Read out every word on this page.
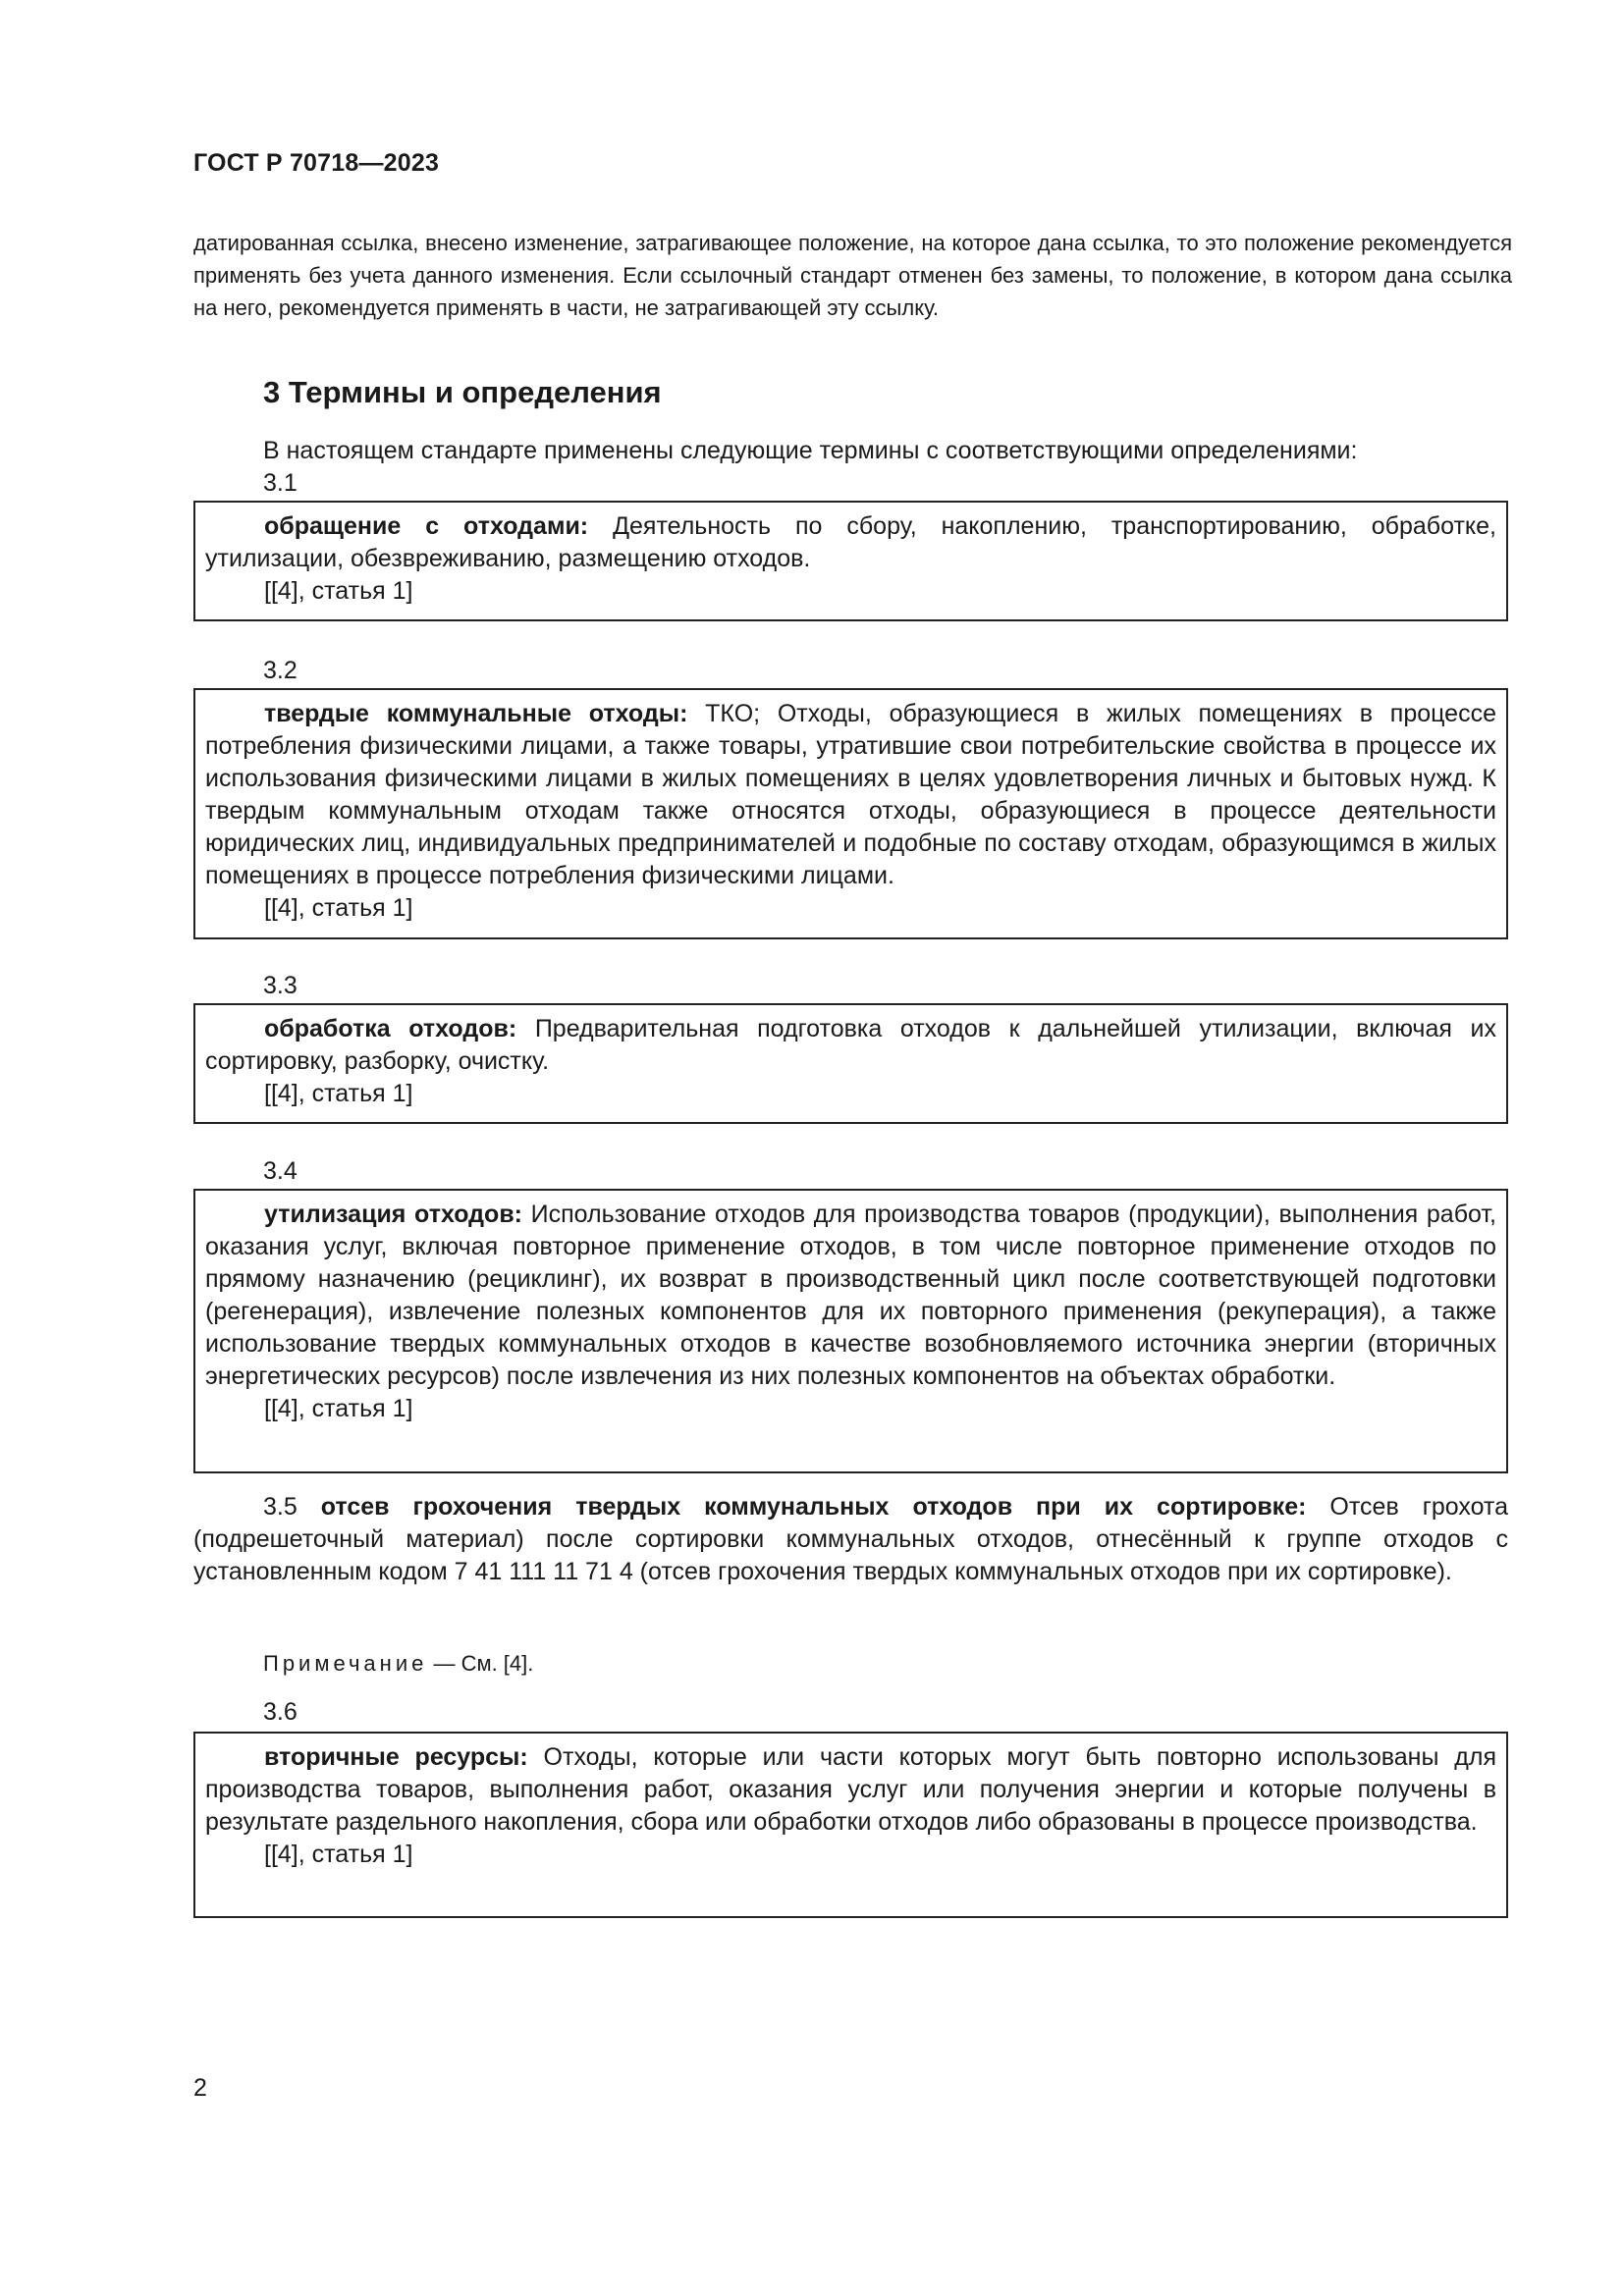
ГОСТ Р 70718—2023

датированная ссылка, внесено изменение, затрагивающее положение, на которое дана ссылка, то это положение рекомендуется применять без учета данного изменения. Если ссылочный стандарт отменен без замены, то положение, в котором дана ссылка на него, рекомендуется применять в части, не затрагивающей эту ссылку.

3 Термины и определения

В настоящем стандарте применены следующие термины с соответствующими определениями:

3.1

обращение с отходами: Деятельность по сбору, накоплению, транспортированию, обработке, утилизации, обезвреживанию, размещению отходов.

[[4], статья 1]

3.2

твердые коммунальные отходы: ТКО; Отходы, образующиеся в жилых помещениях в процессе потребления физическими лицами, а также товары, утратившие свои потребительские свойства в процессе их использования физическими лицами в жилых помещениях в целях удовлетворения личных и бытовых нужд. К твердым коммунальным отходам также относятся отходы, образующиеся в процессе деятельности юридических лиц, индивидуальных предпринимателей и подобные по составу отходам, образующимся в жилых помещениях в процессе потребления физическими лицами.

[[4], статья 1]

3.3

обработка отходов: Предварительная подготовка отходов к дальнейшей утилизации, включая их сортировку, разборку, очистку.

[[4], статья 1]

3.4

утилизация отходов: Использование отходов для производства товаров (продукции), выполнения работ, оказания услуг, включая повторное применение отходов, в том числе повторное применение отходов по прямому назначению (рециклинг), их возврат в производственный цикл после соответствующей подготовки (регенерация), извлечение полезных компонентов для их повторного применения (рекуперация), а также использование твердых коммунальных отходов в качестве возобновляемого источника энергии (вторичных энергетических ресурсов) после извлечения из них полезных компонентов на объектах обработки.

[[4], статья 1]

3.5 отсев грохочения твердых коммунальных отходов при их сортировке: Отсев грохота (подрешеточный материал) после сортировки коммунальных отходов, отнесённый к группе отходов с установленным кодом 7 41 111 11 71 4 (отсев грохочения твердых коммунальных отходов при их сортировке).

Примечание — См. [4].
3.6

вторичные ресурсы: Отходы, которые или части которых могут быть повторно использованы для производства товаров, выполнения работ, оказания услуг или получения энергии и которые получены в результате раздельного накопления, сбора или обработки отходов либо образованы в процессе производства.

[[4], статья 1]

2
